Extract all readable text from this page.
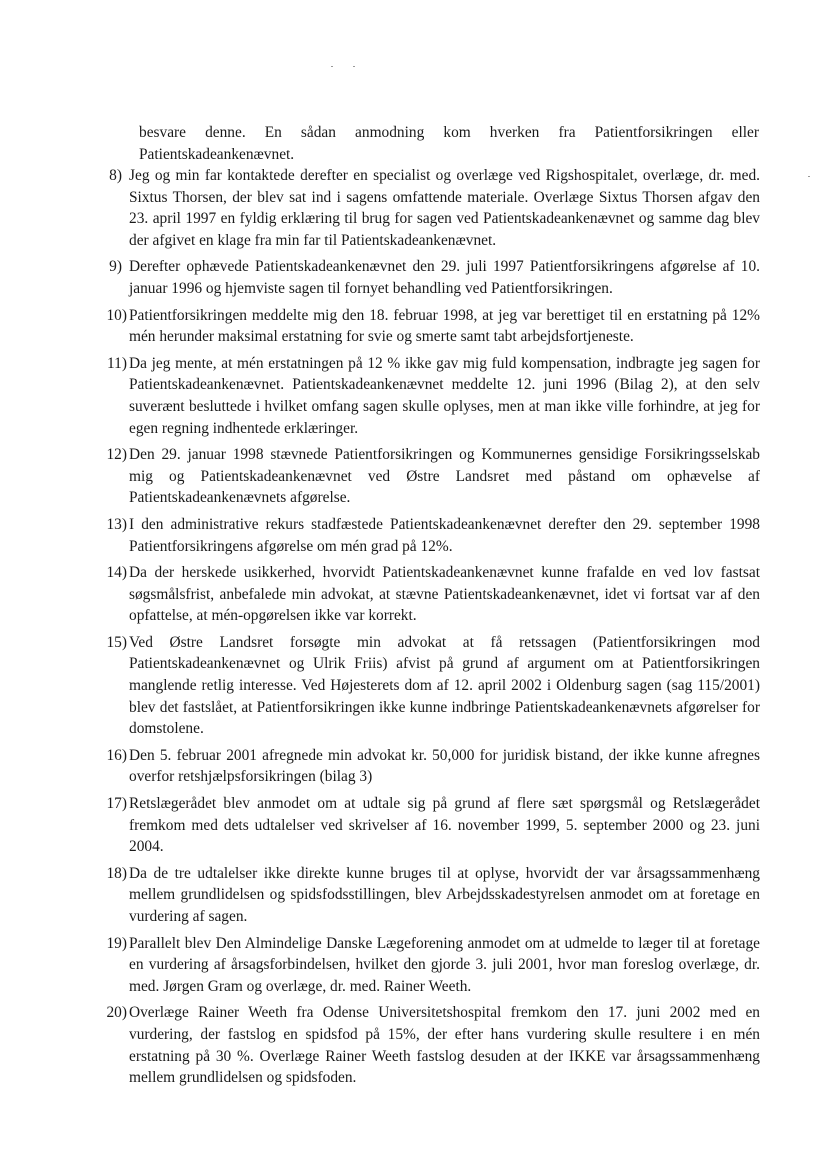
besvare denne. En sådan anmodning kom hverken fra Patientforsikringen eller Patientskadeankenævnet.

8) Jeg og min far kontaktede derefter en specialist og overlæge ved Rigshospitalet, overlæge, dr. med. Sixtus Thorsen, der blev sat ind i sagens omfattende materiale. Overlæge Sixtus Thorsen afgav den 23. april 1997 en fyldig erklæring til brug for sagen ved Patientskadeankenævnet og samme dag blev der afgivet en klage fra min far til Patientskadeankenævnet.

9) Derefter ophævede Patientskadeankenævnet den 29. juli 1997 Patientforsikringens afgørelse af 10. januar 1996 og hjemviste sagen til fornyet behandling ved Patientforsikringen.

10) Patientforsikringen meddelte mig den 18. februar 1998, at jeg var berettiget til en erstatning på 12% mén herunder maksimal erstatning for svie og smerte samt tabt arbejdsfortjeneste.

11) Da jeg mente, at mén erstatningen på 12 % ikke gav mig fuld kompensation, indbragte jeg sagen for Patientskadeankenævnet. Patientskadeankenævnet meddelte 12. juni 1996 (Bilag 2), at den selv suverænt besluttede i hvilket omfang sagen skulle oplyses, men at man ikke ville forhindre, at jeg for egen regning indhentede erklæringer.

12) Den 29. januar 1998 stævnede Patientforsikringen og Kommunernes gensidige Forsikringsselskab mig og Patientskadeankenævnet ved Østre Landsret med påstand om ophævelse af Patientskadeankenævnets afgørelse.

13) I den administrative rekurs stadfæstede Patientskadeankenævnet derefter den 29. september 1998 Patientforsikringens afgørelse om mén grad på 12%.

14) Da der herskede usikkerhed, hvorvidt Patientskadeankenævnet kunne frafalde en ved lov fastsat søgsmålsfrist, anbefalede min advokat, at stævne Patientskadeankenævnet, idet vi fortsat var af den opfattelse, at mén-opgørelsen ikke var korrekt.

15) Ved Østre Landsret forsøgte min advokat at få retssagen (Patientforsikringen mod Patientskadeankenævnet og Ulrik Friis) afvist på grund af argument om at Patientforsikringen manglende retlig interesse. Ved Højesterets dom af 12. april 2002 i Oldenburg sagen (sag 115/2001) blev det fastslået, at Patientforsikringen ikke kunne indbringe Patientskadeankenævnets afgørelser for domstolene.

16) Den 5. februar 2001 afregnede min advokat kr. 50,000 for juridisk bistand, der ikke kunne afregnes overfor retshjælpsforsikringen (bilag 3)

17) Retslægerådet blev anmodet om at udtale sig på grund af flere sæt spørgsmål og Retslægerådet fremkom med dets udtalelser ved skrivelser af 16. november 1999, 5. september 2000 og 23. juni 2004.

18) Da de tre udtalelser ikke direkte kunne bruges til at oplyse, hvorvidt der var årsagssammenhæng mellem grundlidelsen og spidsfodsstillingen, blev Arbejdsskadestyrelsen anmodet om at foretage en vurdering af sagen.

19) Parallelt blev Den Almindelige Danske Lægeforening anmodet om at udmelde to læger til at foretage en vurdering af årsagsforbindelsen, hvilket den gjorde 3. juli 2001, hvor man foreslog overlæge, dr. med. Jørgen Gram og overlæge, dr. med. Rainer Weeth.

20) Overlæge Rainer Weeth fra Odense Universitetshospital fremkom den 17. juni 2002 med en vurdering, der fastslog en spidsfod på 15%, der efter hans vurdering skulle resultere i en mén erstatning på 30 %. Overlæge Rainer Weeth fastslog desuden at der IKKE var årsagssammenhæng mellem grundlidelsen og spidsfoden.
